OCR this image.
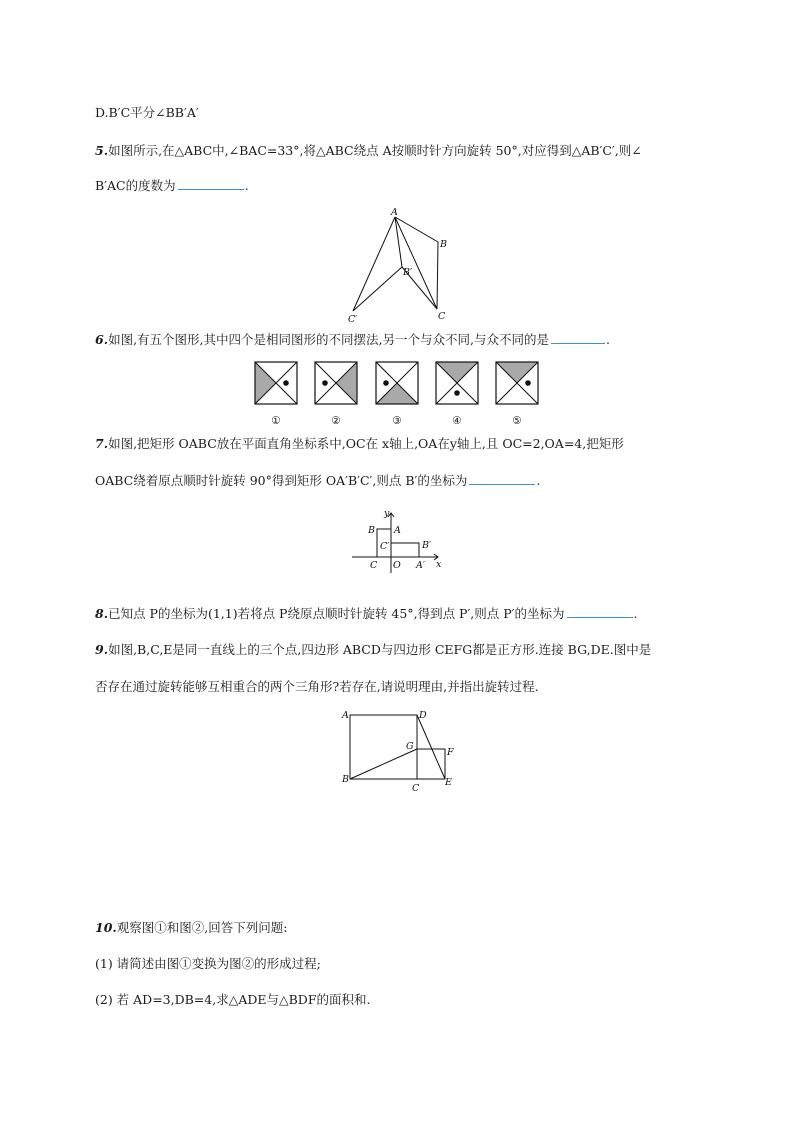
D.B′C平分∠BB′A′
5.如图所示,在△ABC中,∠BAC=33°,将△ABC绕点 A按顺时针方向旋转 50°,对应得到△AB′C′,则∠
B′AC的度数为	.
A
B
C
B′
C′
6.如图,有五个图形,其中四个是相同图形的不同摆法,另一个与众不同,与众不同的是	.
①	②	③	④	⑤
7.如图,把矩形 OABC放在平面直角坐标系中,OC在 x轴上,OA在y轴上,且 OC=2,OA=4,把矩形
OABC绕着原点顺时针旋转 90°得到矩形 OA′B′C′,则点 B′的坐标为	.
y
x
B A
C′	B′
C O A′
8.已知点 P的坐标为(1,1)若将点 P绕原点顺时针旋转 45°,得到点 P′,则点 P′的坐标为	.
9.如图,B,C,E是同一直线上的三个点,四边形 ABCD与四边形 CEFG都是正方形.连接 BG,DE.图中是
否存在通过旋转能够互相重合的两个三角形?若存在,请说明理由,并指出旋转过程.
A	D
G
F
B
C
E
10.观察图①和图②,回答下列问题:
(1) 请简述由图①变换为图②的形成过程;
(2) 若 AD=3,DB=4,求△ADE与△BDF的面积和.
